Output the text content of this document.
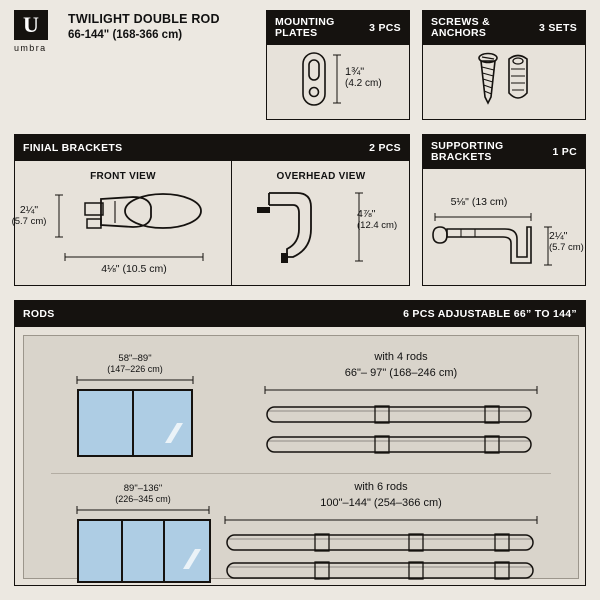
U
umbra
TWILIGHT DOUBLE ROD
66-144" (168-366 cm)
MOUNTING PLATES	3 PCS
1¾"
(4.2 cm)
SCREWS & ANCHORS	3 SETS
FINIAL BRACKETS	2 PCS
FRONT VIEW	OVERHEAD VIEW
2¼"
(5.7 cm)
4⅛" (10.5 cm)
4⅞"
(12.4 cm)
SUPPORTING BRACKETS	1 PC
5⅛" (13 cm)
2¼"
(5.7 cm)
RODS	6 PCS ADJUSTABLE 66” TO 144”
58"–89"
(147–226 cm)
with 4 rods
66"– 97" (168–246 cm)
89"–136"
(226–345 cm)
with 6 rods
100"–144" (254–366 cm)
